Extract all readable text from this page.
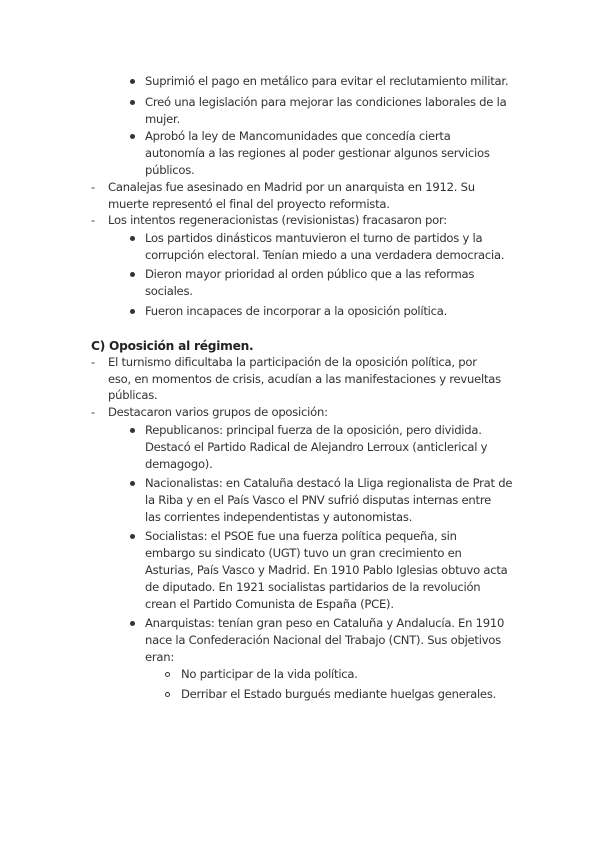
Suprimió el pago en metálico para evitar el reclutamiento militar.
Creó una legislación para mejorar las condiciones laborales de la
mujer.
Aprobó la ley de Mancomunidades que concedía cierta
autonomía a las regiones al poder gestionar algunos servicios
públicos.
- Canalejas fue asesinado en Madrid por un anarquista en 1912. Su
muerte representó el final del proyecto reformista.
- Los intentos regeneracionistas (revisionistas) fracasaron por:
Los partidos dinásticos mantuvieron el turno de partidos y la
corrupción electoral. Tenían miedo a una verdadera democracia.
Dieron mayor prioridad al orden público que a las reformas
sociales.
Fueron incapaces de incorporar a la oposición política.
C) Oposición al régimen.
- El turnismo dificultaba la participación de la oposición política, por
eso, en momentos de crisis, acudían a las manifestaciones y revueltas
públicas.
- Destacaron varios grupos de oposición:
Republicanos: principal fuerza de la oposición, pero dividida.
Destacó el Partido Radical de Alejandro Lerroux (anticlerical y
demagogo).
Nacionalistas: en Cataluña destacó la Lliga regionalista de Prat de
la Riba y en el País Vasco el PNV sufrió disputas internas entre
las corrientes independentistas y autonomistas.
Socialistas: el PSOE fue una fuerza política pequeña, sin
embargo su sindicato (UGT) tuvo un gran crecimiento en
Asturias, País Vasco y Madrid. En 1910 Pablo Iglesias obtuvo acta
de diputado. En 1921 socialistas partidarios de la revolución
crean el Partido Comunista de España (PCE).
Anarquistas: tenían gran peso en Cataluña y Andalucía. En 1910
nace la Confederación Nacional del Trabajo (CNT). Sus objetivos
eran:
No participar de la vida política.
Derribar el Estado burgués mediante huelgas generales.
